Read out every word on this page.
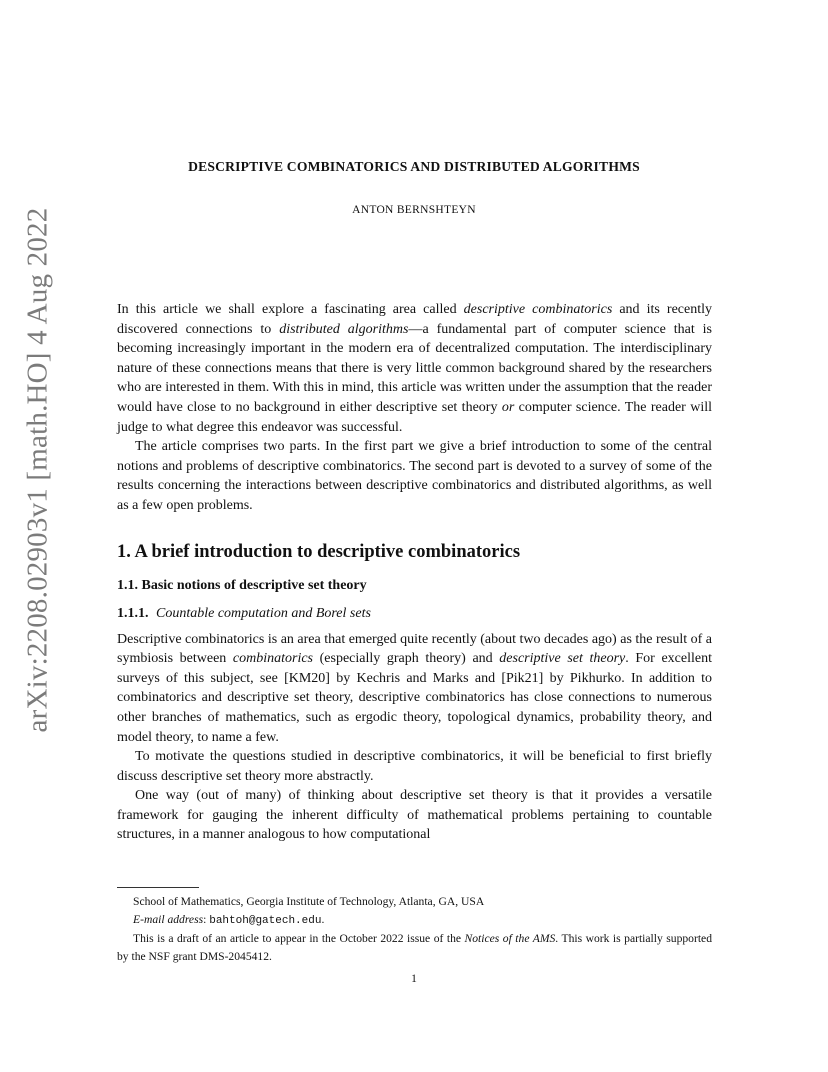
arXiv:2208.02903v1 [math.HO] 4 Aug 2022
DESCRIPTIVE COMBINATORICS AND DISTRIBUTED ALGORITHMS
ANTON BERNSHTEYN

In this article we shall explore a fascinating area called descriptive combinatorics and its recently discovered connections to distributed algorithms—a fundamental part of computer science that is becoming increasingly important in the modern era of decentralized computation. The interdisciplinary nature of these connections means that there is very little common background shared by the researchers who are interested in them. With this in mind, this article was written under the assumption that the reader would have close to no background in either descriptive set theory or computer science. The reader will judge to what degree this endeavor was successful.

The article comprises two parts. In the first part we give a brief introduction to some of the central notions and problems of descriptive combinatorics. The second part is devoted to a survey of some of the results concerning the interactions between descriptive combinatorics and distributed algorithms, as well as a few open problems.

1. A brief introduction to descriptive combinatorics
1.1. Basic notions of descriptive set theory
1.1.1. Countable computation and Borel sets

Descriptive combinatorics is an area that emerged quite recently (about two decades ago) as the result of a symbiosis between combinatorics (especially graph theory) and descriptive set theory. For excellent surveys of this subject, see [KM20] by Kechris and Marks and [Pik21] by Pikhurko. In addition to combinatorics and descriptive set theory, descriptive combinatorics has close connections to numerous other branches of mathematics, such as ergodic theory, topological dynamics, probability theory, and model theory, to name a few.

To motivate the questions studied in descriptive combinatorics, it will be beneficial to first briefly discuss descriptive set theory more abstractly.

One way (out of many) of thinking about descriptive set theory is that it provides a versatile framework for gauging the inherent difficulty of mathematical problems pertaining to countable structures, in a manner analogous to how computational

School of Mathematics, Georgia Institute of Technology, Atlanta, GA, USA
E-mail address: bahtoh@gatech.edu.
This is a draft of an article to appear in the October 2022 issue of the Notices of the AMS. This work is partially supported by the NSF grant DMS-2045412.
1
